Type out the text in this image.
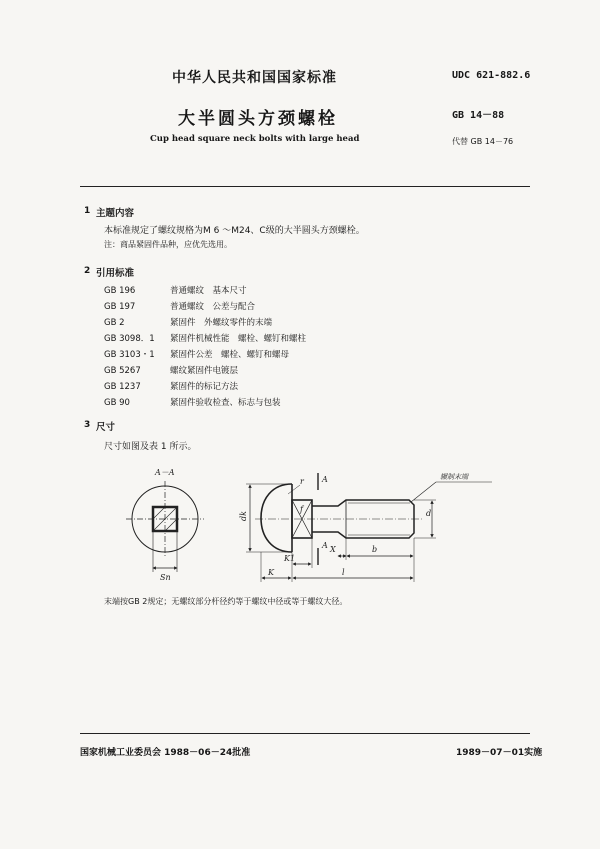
中华人民共和国国家标准	UDC 621-882.6
大半圆头方颈螺栓	GB 14－88
Cup head square neck bolts with large head	代替 GB 14－76
1 主题内容
本标准规定了螺纹规格为M 6 ～M24、C级的大半圆头方颈螺栓。
注：商品紧固件品种，应优先选用。
2 引用标准
GB 196	普通螺纹　基本尺寸
GB 197	普通螺纹　公差与配合
GB 2	紧固件　外螺纹零件的末端
GB 3098．1 紧固件机械性能　螺栓、螺钉和螺柱
GB 3103・1 紧固件公差　螺栓、螺钉和螺母
GB 5267	螺纹紧固件电镀层
GB 1237	紧固件的标记方法
GB 90	紧固件验收检查、标志与包装
3 尺寸
尺寸如图及表 1 所示。
A－A
Sn
dk
r
f
A
A
K1
K
X	b
l
d
辗制末端
末端按GB 2规定；无螺纹部分杆径约等于螺纹中径或等于螺纹大径。
国家机械工业委员会 1988－06－24批准	1989－07－01实施
